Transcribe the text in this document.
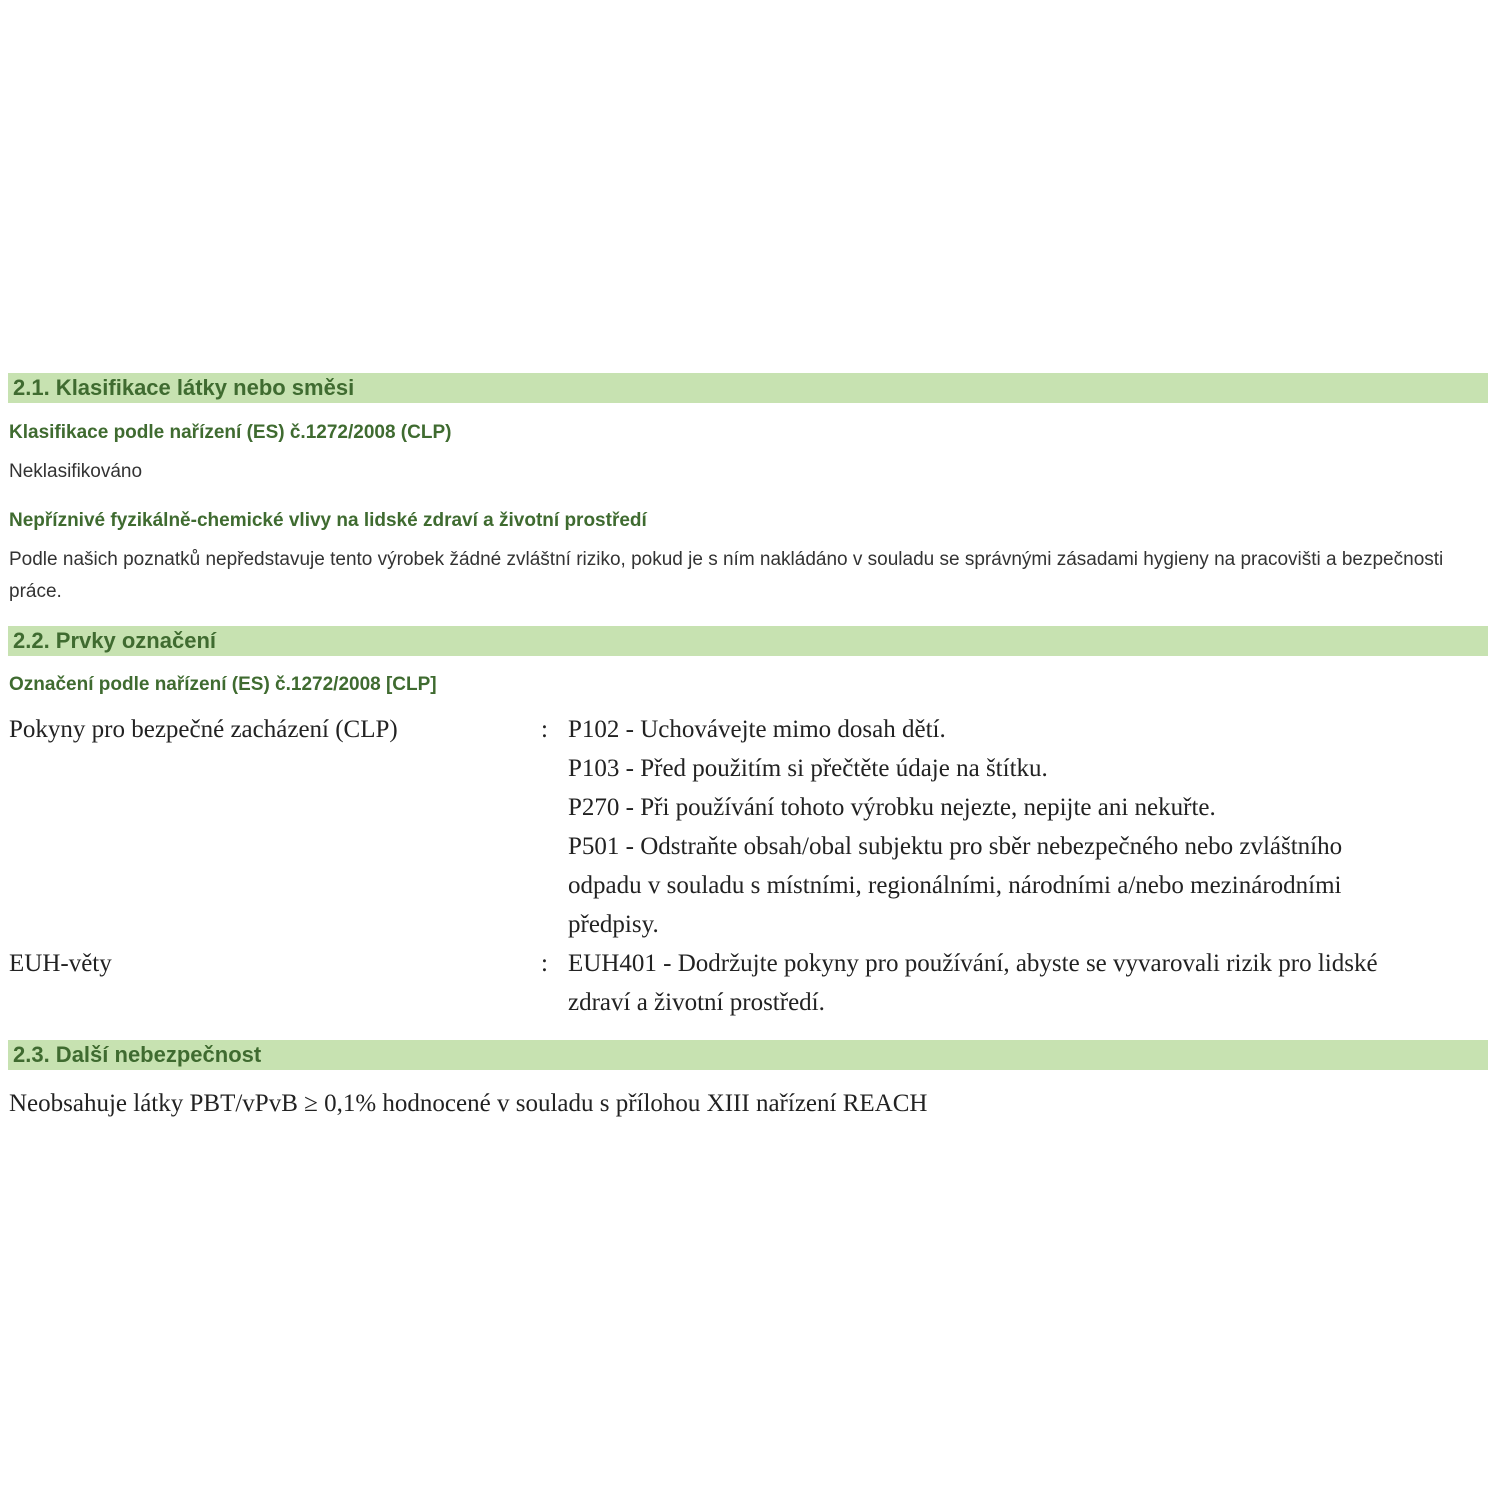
2.1. Klasifikace látky nebo směsi
Klasifikace podle nařízení (ES) č.1272/2008 (CLP)
Neklasifikováno
Nepříznivé fyzikálně-chemické vlivy na lidské zdraví a životní prostředí
Podle našich poznatků nepředstavuje tento výrobek žádné zvláštní riziko, pokud je s ním nakládáno v souladu se správnými zásadami hygieny na pracovišti a bezpečnosti práce.
2.2. Prvky označení
Označení podle nařízení (ES) č.1272/2008 [CLP]
Pokyny pro bezpečné zacházení (CLP)	: P102 - Uchovávejte mimo dosah dětí.
P103 - Před použitím si přečtěte údaje na štítku.
P270 - Při používání tohoto výrobku nejezte, nepijte ani nekuřte.
P501 - Odstraňte obsah/obal subjektu pro sběr nebezpečného nebo zvláštního
odpadu v souladu s místními, regionálními, národními a/nebo mezinárodními
předpisy.
EUH-věty	: EUH401 - Dodržujte pokyny pro používání, abyste se vyvarovali rizik pro lidské
zdraví a životní prostředí.
2.3. Další nebezpečnost
Neobsahuje látky PBT/vPvB ≥ 0,1% hodnocené v souladu s přílohou XIII nařízení REACH
